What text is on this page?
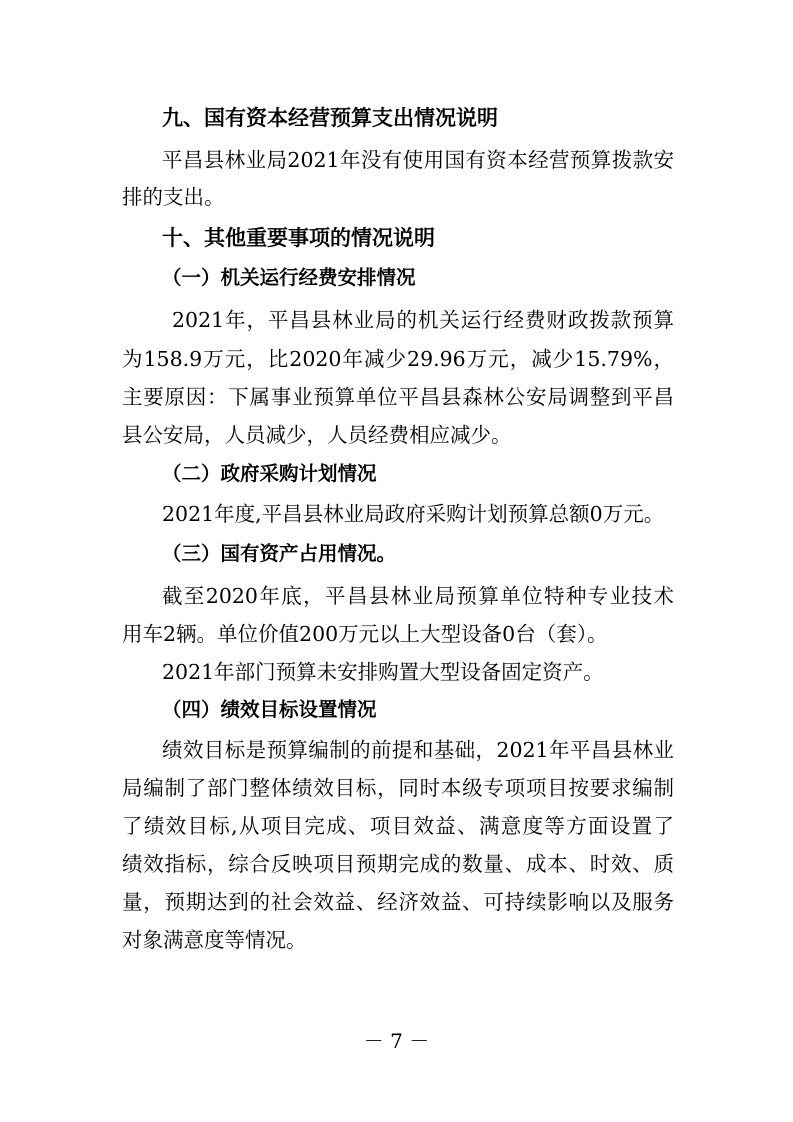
九、国有资本经营预算支出情况说明
平昌县林业局2021年没有使用国有资本经营预算拨款安
排的支出。
十、其他重要事项的情况说明
（一）机关运行经费安排情况
2021年，平昌县林业局的机关运行经费财政拨款预算
为158.9万元，比2020年减少29.96万元，减少15.79%，
主要原因：下属事业预算单位平昌县森林公安局调整到平昌
县公安局，人员减少，人员经费相应减少。
（二）政府采购计划情况
2021年度,平昌县林业局政府采购计划预算总额0万元。
（三）国有资产占用情况。
截至2020年底，平昌县林业局预算单位特种专业技术
用车2辆。单位价值200万元以上大型设备0台（套）。
2021年部门预算未安排购置大型设备固定资产。
（四）绩效目标设置情况
绩效目标是预算编制的前提和基础，2021年平昌县林业
局编制了部门整体绩效目标，同时本级专项项目按要求编制
了绩效目标,从项目完成、项目效益、满意度等方面设置了
绩效指标，综合反映项目预期完成的数量、成本、时效、质
量，预期达到的社会效益、经济效益、可持续影响以及服务
对象满意度等情况。
－ 7 －
